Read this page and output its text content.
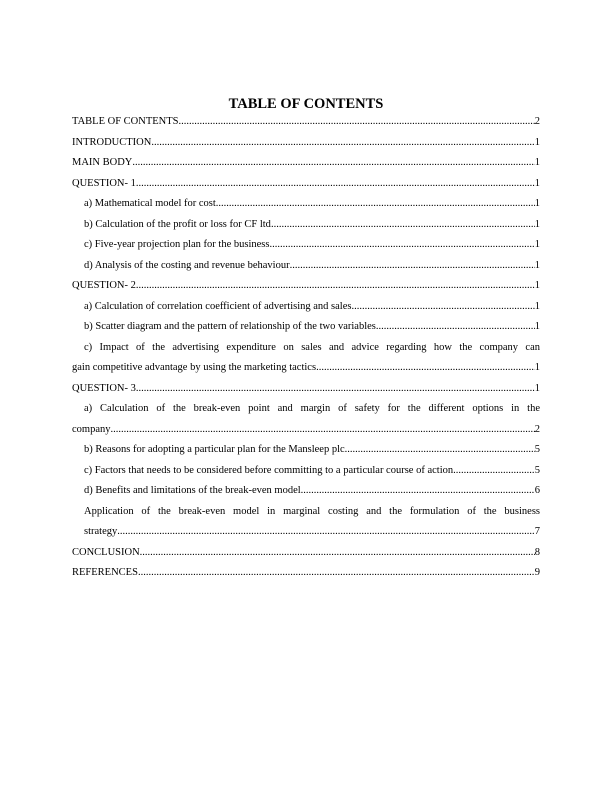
TABLE OF CONTENTS
TABLE OF CONTENTS .....	2
INTRODUCTION .....	1
MAIN BODY .....	1
QUESTION- 1 .....	1
a) Mathematical model for cost .....	1
b) Calculation of the profit or loss for CF ltd .....	1
c) Five-year projection plan for the business .....	1
d) Analysis of the costing and revenue behaviour .....	1
QUESTION- 2 .....	1
a) Calculation of correlation coefficient of advertising and sales .....	1
b) Scatter diagram and the pattern of relationship of the two variables .....	1
c) Impact of the advertising expenditure on sales and advice regarding how the company can
gain competitive advantage by using the marketing tactics .....	1
QUESTION- 3 .....	1
a) Calculation of the break-even point and margin of safety for the different options in the
company .....	2
b) Reasons for adopting a particular plan for the Mansleep plc .....	5
c) Factors that needs to be considered before committing to a particular course of action .....	5
d) Benefits and limitations of the break-even model .....	6
Application of the break-even model in marginal costing and the formulation of the business
strategy .....	7
CONCLUSION .....	8
REFERENCES .....	9
